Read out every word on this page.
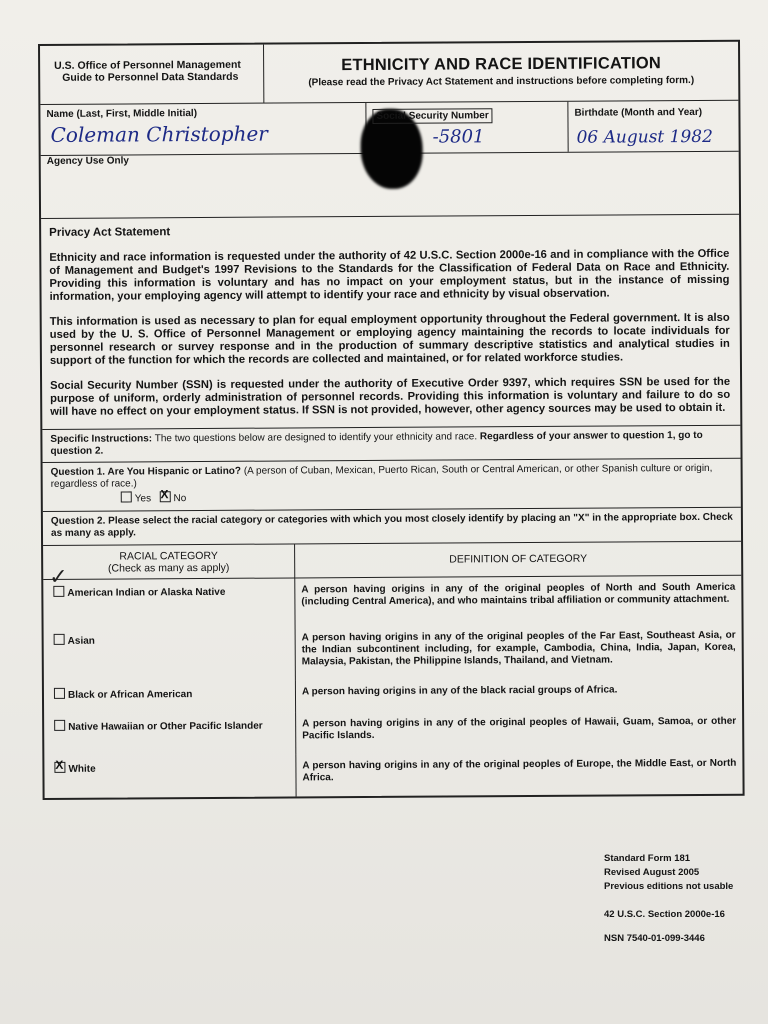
U.S. Office of Personnel Management
Guide to Personnel Data Standards
ETHNICITY AND RACE IDENTIFICATION
(Please read the Privacy Act Statement and instructions before completing form.)
Name (Last, First, Middle Initial)
Coleman Christopher
Social Security Number
-5801
Birthdate (Month and Year)
06 August 1982
Agency Use Only
Privacy Act Statement

Ethnicity and race information is requested under the authority of 42 U.S.C. Section 2000e-16 and in compliance with the Office of Management and Budget's 1997 Revisions to the Standards for the Classification of Federal Data on Race and Ethnicity. Providing this information is voluntary and has no impact on your employment status, but in the instance of missing information, your employing agency will attempt to identify your race and ethnicity by visual observation.

This information is used as necessary to plan for equal employment opportunity throughout the Federal government. It is also used by the U. S. Office of Personnel Management or employing agency maintaining the records to locate individuals for personnel research or survey response and in the production of summary descriptive statistics and analytical studies in support of the function for which the records are collected and maintained, or for related workforce studies.

Social Security Number (SSN) is requested under the authority of Executive Order 9397, which requires SSN be used for the purpose of uniform, orderly administration of personnel records. Providing this information is voluntary and failure to do so will have no effect on your employment status. If SSN is not provided, however, other agency sources may be used to obtain it.

Specific Instructions: The two questions below are designed to identify your ethnicity and race. Regardless of your answer to question 1, go to question 2.
Question 1. Are You Hispanic or Latino? (A person of Cuban, Mexican, Puerto Rican, South or Central American, or other Spanish culture or origin, regardless of race.)
Yes   X No
Question 2. Please select the racial category or categories with which you most closely identify by placing an "X" in the appropriate box. Check as many as apply.
RACIAL CATEGORY
(Check as many as apply)
DEFINITION OF CATEGORY
American Indian or Alaska Native
✓	A person having origins in any of the original peoples of North and South America (including Central America), and who maintains tribal affiliation or community attachment.
Asian	A person having origins in any of the original peoples of the Far East, Southeast Asia, or the Indian subcontinent including, for example, Cambodia, China, India, Japan, Korea, Malaysia, Pakistan, the Philippine Islands, Thailand, and Vietnam.
Black or African American	A person having origins in any of the black racial groups of Africa.
Native Hawaiian or Other Pacific Islander	A person having origins in any of the original peoples of Hawaii, Guam, Samoa, or other Pacific Islands.
XWhite	A person having origins in any of the original peoples of Europe, the Middle East, or North Africa.
Standard Form 181
Revised August 2005
Previous editions not usable
42 U.S.C. Section 2000e-16
NSN 7540-01-099-3446
